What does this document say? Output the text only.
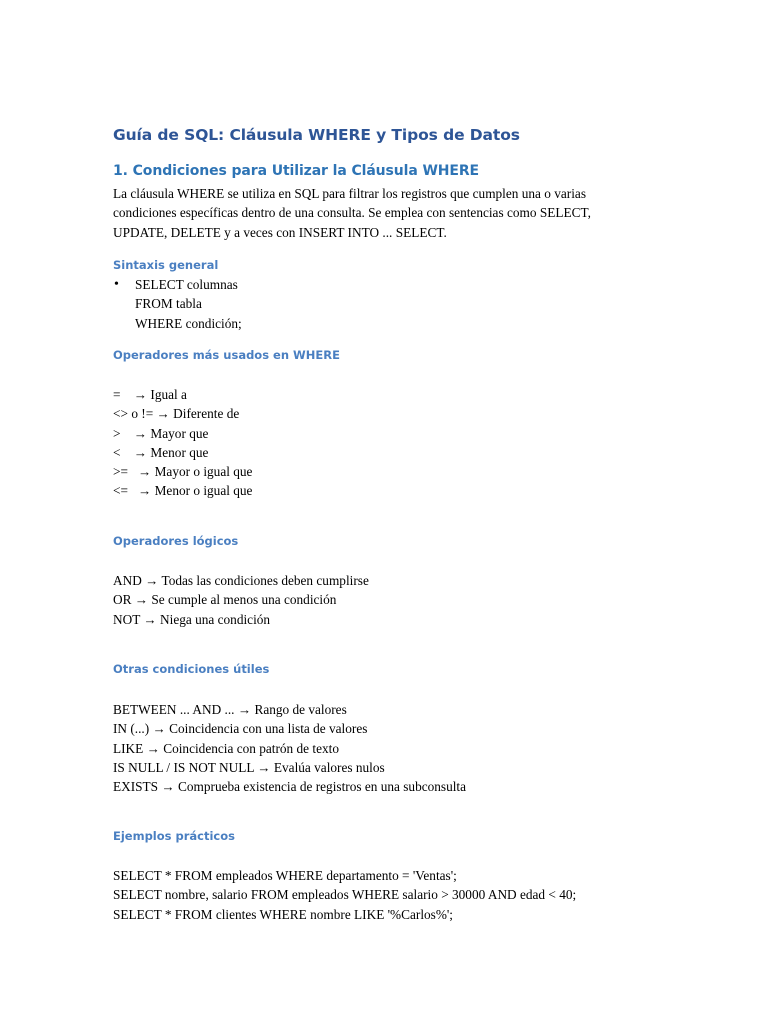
Guía de SQL: Cláusula WHERE y Tipos de Datos
1. Condiciones para Utilizar la Cláusula WHERE
La cláusula WHERE se utiliza en SQL para filtrar los registros que cumplen una o varias
condiciones específicas dentro de una consulta. Se emplea con sentencias como SELECT,
UPDATE, DELETE y a veces con INSERT INTO ... SELECT.
Sintaxis general
• SELECT columnas
FROM tabla
WHERE condición;
Operadores más usados en WHERE
=    → Igual a
<> o != → Diferente de
>    → Mayor que
<    → Menor que
>=   → Mayor o igual que
<=   → Menor o igual que
Operadores lógicos
AND → Todas las condiciones deben cumplirse
OR → Se cumple al menos una condición
NOT → Niega una condición
Otras condiciones útiles
BETWEEN ... AND ... → Rango de valores
IN (...) → Coincidencia con una lista de valores
LIKE → Coincidencia con patrón de texto
IS NULL / IS NOT NULL → Evalúa valores nulos
EXISTS → Comprueba existencia de registros en una subconsulta
Ejemplos prácticos
SELECT * FROM empleados WHERE departamento = 'Ventas';
SELECT nombre, salario FROM empleados WHERE salario > 30000 AND edad < 40;
SELECT * FROM clientes WHERE nombre LIKE '%Carlos%';
